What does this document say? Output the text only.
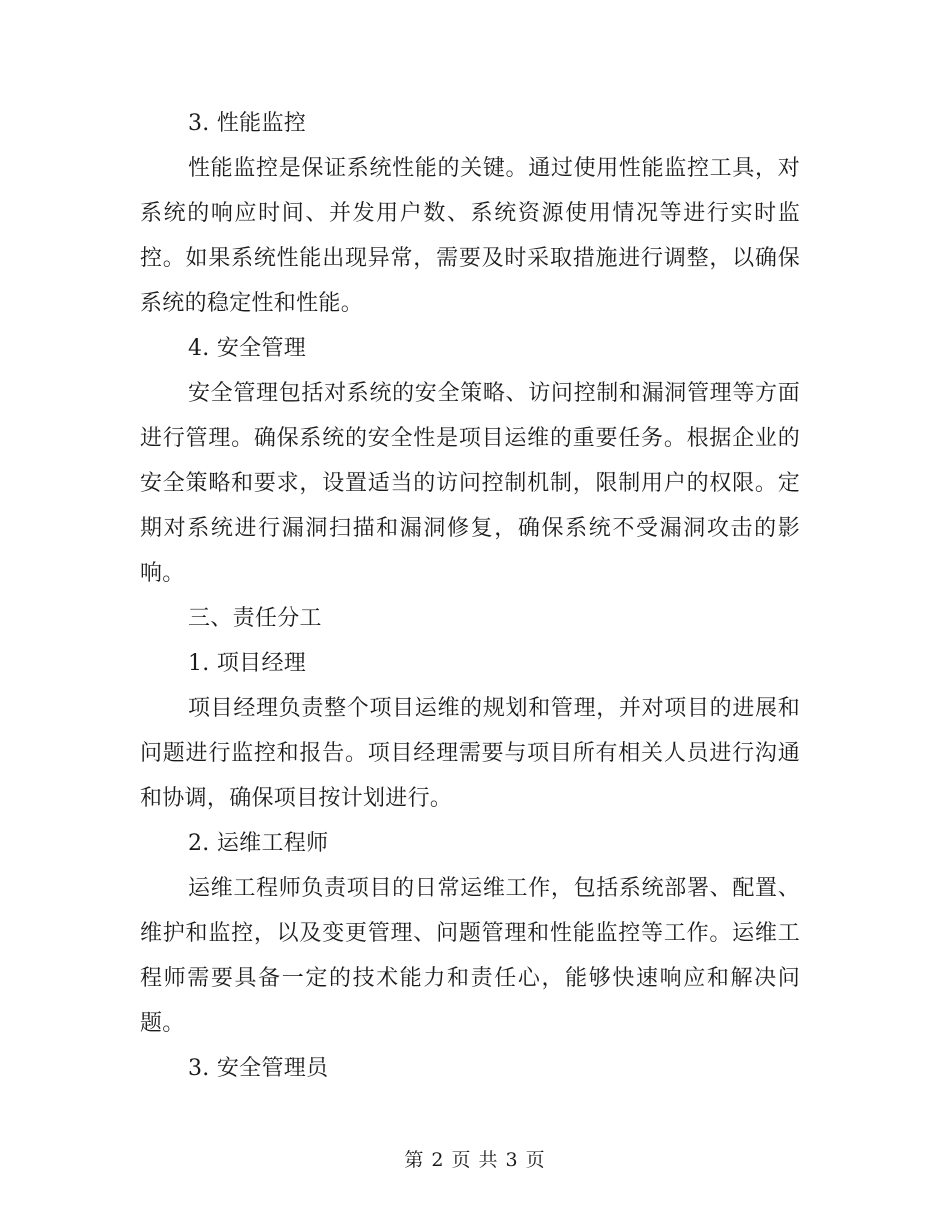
3. 性能监控

性能监控是保证系统性能的关键。通过使用性能监控工具，对系统的响应时间、并发用户数、系统资源使用情况等进行实时监控。如果系统性能出现异常，需要及时采取措施进行调整，以确保系统的稳定性和性能。

4. 安全管理

安全管理包括对系统的安全策略、访问控制和漏洞管理等方面进行管理。确保系统的安全性是项目运维的重要任务。根据企业的安全策略和要求，设置适当的访问控制机制，限制用户的权限。定期对系统进行漏洞扫描和漏洞修复，确保系统不受漏洞攻击的影响。

三、责任分工

1. 项目经理

项目经理负责整个项目运维的规划和管理，并对项目的进展和问题进行监控和报告。项目经理需要与项目所有相关人员进行沟通和协调，确保项目按计划进行。

2. 运维工程师

运维工程师负责项目的日常运维工作，包括系统部署、配置、维护和监控，以及变更管理、问题管理和性能监控等工作。运维工程师需要具备一定的技术能力和责任心，能够快速响应和解决问题。

3. 安全管理员

第 2 页 共 3 页
